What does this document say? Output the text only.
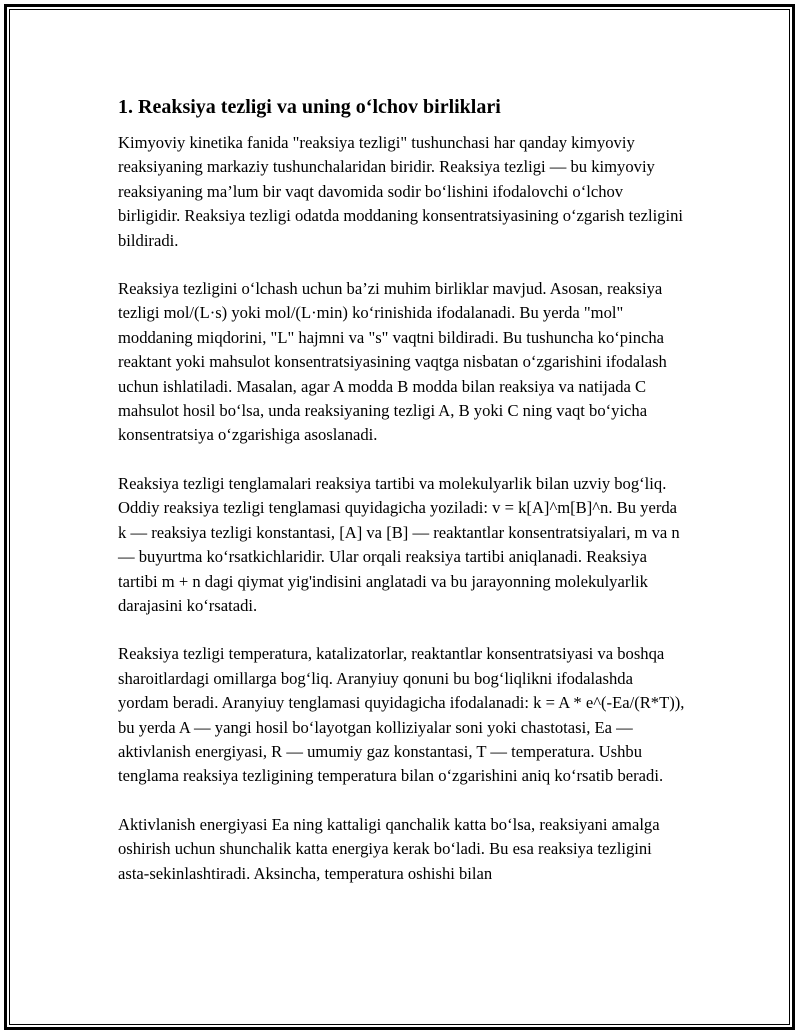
1. Reaksiya tezligi va uning o‘lchov birliklari

Kimyoviy kinetika fanida "reaksiya tezligi" tushunchasi har qanday kimyoviy reaksiyaning markaziy tushunchalaridan biridir. Reaksiya tezligi — bu kimyoviy reaksiyaning ma’lum bir vaqt davomida sodir bo‘lishini ifodalovchi o‘lchov birligidir. Reaksiya tezligi odatda moddaning konsentratsiyasining o‘zgarish tezligini bildiradi.

Reaksiya tezligini o‘lchash uchun ba’zi muhim birliklar mavjud. Asosan, reaksiya tezligi mol/(L·s) yoki mol/(L·min) ko‘rinishida ifodalanadi. Bu yerda "mol" moddaning miqdorini, "L" hajmni va "s" vaqtni bildiradi. Bu tushuncha ko‘pincha reaktant yoki mahsulot konsentratsiyasining vaqtga nisbatan o‘zgarishini ifodalash uchun ishlatiladi. Masalan, agar A modda B modda bilan reaksiya va natijada C mahsulot hosil bo‘lsa, unda reaksiyaning tezligi A, B yoki C ning vaqt bo‘yicha konsentratsiya o‘zgarishiga asoslanadi.

Reaksiya tezligi tenglamalari reaksiya tartibi va molekulyarlik bilan uzviy bog‘liq. Oddiy reaksiya tezligi tenglamasi quyidagicha yoziladi: v = k[A]^m[B]^n. Bu yerda k — reaksiya tezligi konstantasi, [A] va [B] — reaktantlar konsentratsiyalari, m va n — buyurtma ko‘rsatkichlaridir. Ular orqali reaksiya tartibi aniqlanadi. Reaksiya tartibi m + n dagi qiymat yig'indisini anglatadi va bu jarayonning molekulyarlik darajasini ko‘rsatadi.

Reaksiya tezligi temperatura, katalizatorlar, reaktantlar konsentratsiyasi va boshqa sharoitlardagi omillarga bog‘liq. Aranyiuy qonuni bu bog‘liqlikni ifodalashda yordam beradi. Aranyiuy tenglamasi quyidagicha ifodalanadi: k = A * e^(-Ea/(R*T)), bu yerda A — yangi hosil bo‘layotgan kolliziyalar soni yoki chastotasi, Ea — aktivlanish energiyasi, R — umumiy gaz konstantasi, T — temperatura. Ushbu tenglama reaksiya tezligining temperatura bilan o‘zgarishini aniq ko‘rsatib beradi.

Aktivlanish energiyasi Ea ning kattaligi qanchalik katta bo‘lsa, reaksiyani amalga oshirish uchun shunchalik katta energiya kerak bo‘ladi. Bu esa reaksiya tezligini asta-sekinlashtiradi. Aksincha, temperatura oshishi bilan
